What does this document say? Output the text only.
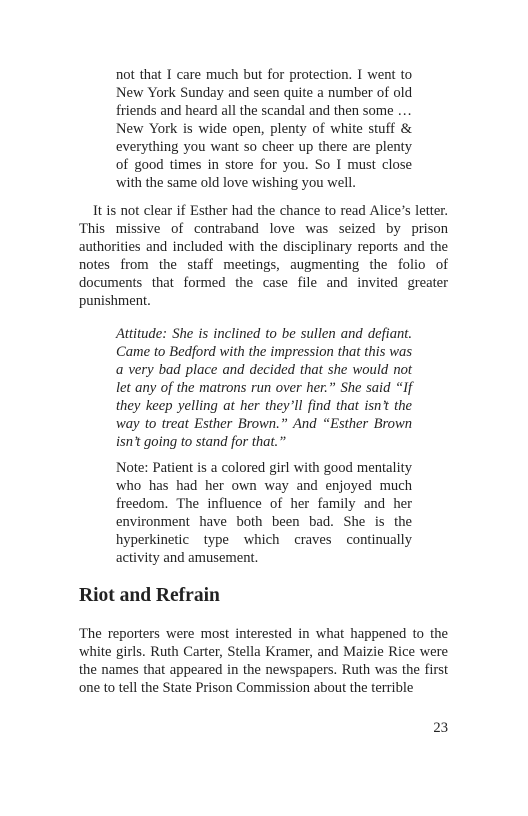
not that I care much but for protection. I went to New York Sunday and seen quite a number of old friends and heard all the scandal and then some … New York is wide open, plenty of white stuff & everything you want so cheer up there are plenty of good times in store for you. So I must close with the same old love wishing you well.

It is not clear if Esther had the chance to read Alice’s letter. This missive of contraband love was seized by prison authorities and included with the disciplinary reports and the notes from the staff meetings, augmenting the folio of documents that formed the case file and invited greater punishment.

Attitude: She is inclined to be sullen and defiant. Came to Bedford with the impression that this was a very bad place and decided that she would not let any of the matrons run over her.” She said “If they keep yelling at her they’ll find that isn’t the way to treat Esther Brown.” And “Esther Brown isn’t going to stand for that.”

Note: Patient is a colored girl with good mentality who has had her own way and enjoyed much freedom. The influence of her family and her environment have both been bad. She is the hyperkinetic type which craves continually activity and amusement.

Riot and Refrain

The reporters were most interested in what happened to the white girls. Ruth Carter, Stella Kramer, and Maizie Rice were the names that appeared in the newspapers. Ruth was the first one to tell the State Prison Commission about the terrible

23
